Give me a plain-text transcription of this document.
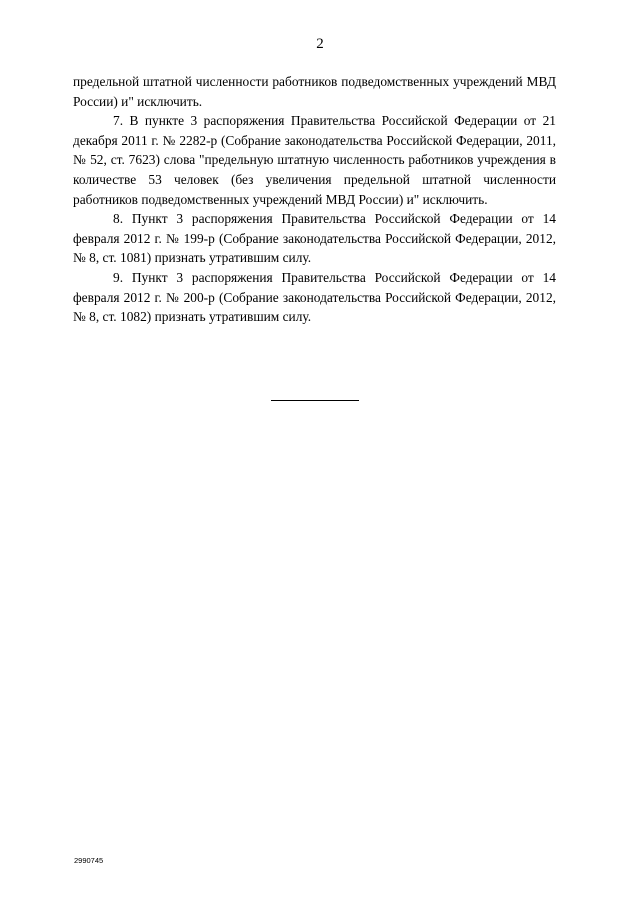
2

предельной штатной численности работников подведомственных учреждений МВД России) и" исключить.

7. В пункте 3 распоряжения Правительства Российской Федерации от 21 декабря 2011 г. № 2282-р (Собрание законодательства Российской Федерации, 2011, № 52, ст. 7623) слова "предельную штатную численность работников учреждения в количестве 53 человек (без увеличения предельной штатной численности работников подведомственных учреждений МВД России) и" исключить.

8. Пункт 3 распоряжения Правительства Российской Федерации от 14 февраля 2012 г. № 199-р (Собрание законодательства Российской Федерации, 2012, № 8, ст. 1081) признать утратившим силу.

9. Пункт 3 распоряжения Правительства Российской Федерации от 14 февраля 2012 г. № 200-р (Собрание законодательства Российской Федерации, 2012, № 8, ст. 1082) признать утратившим силу.

2990745
